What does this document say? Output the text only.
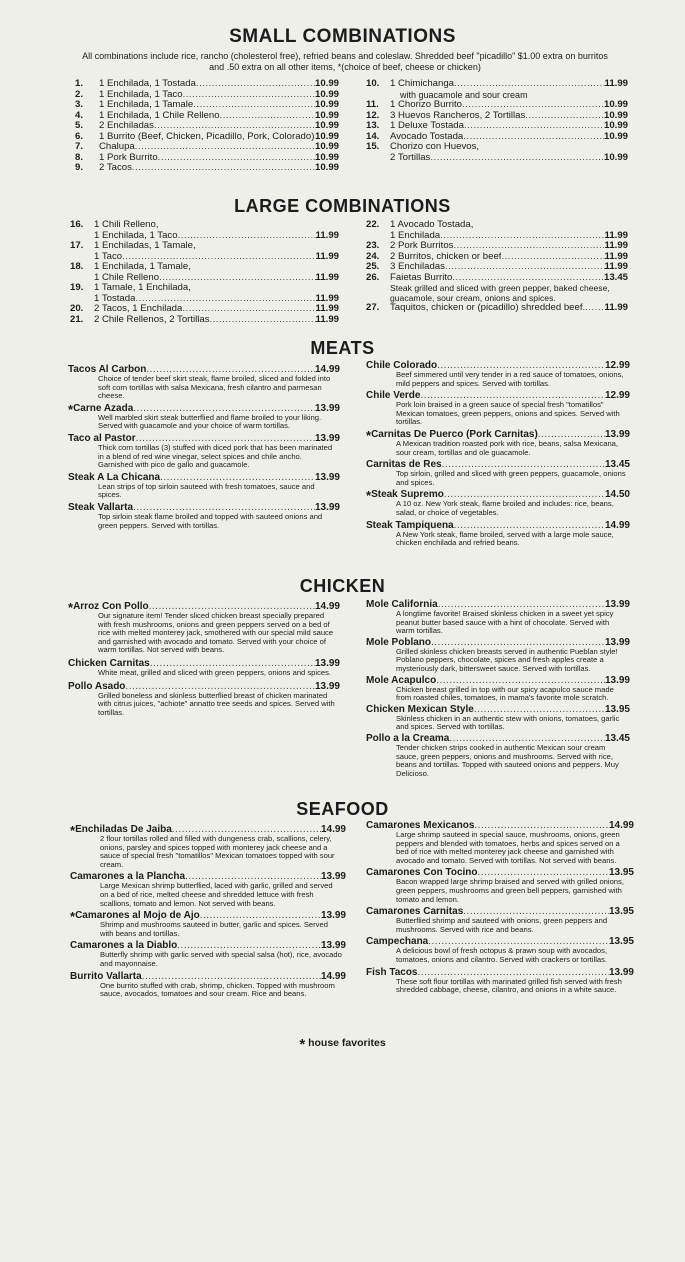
SMALL COMBINATIONS

All combinations include rice, rancho (cholesterol free), refried beans and coleslaw. Shredded beef "picadillo" $1.00 extra on burritos and .50 extra on all other items, *(choice of beef, cheese or chicken)

1.	1 Enchilada, 1 Tostada .....	10.99
2.	1 Enchilada, 1 Taco .....	10.99
3.	1 Enchilada, 1 Tamale .....	10.99
4.	1 Enchilada, 1 Chile Relleno .....	10.99
5.	2 Enchiladas .....	10.99
6.	1 Burrito (Beef, Chicken, Picadillo, Pork, Colorado) ..... 10.99
7.	Chalupa .....	10.99
8.	1 Pork Burrito .....	10.99
9.	2 Tacos .....	10.99
10.	1 Chimichanga .....	11.99
with guacamole and sour cream
11.	1 Chorizo Burrito .....	10.99
12.	3 Huevos Rancheros, 2 Tortillas .....	10.99
13.	1 Deluxe Tostada .....	10.99
14.	Avocado Tostada .....	10.99
15.	Chorizo con Huevos,
2 Tortillas .....	10.99
LARGE COMBINATIONS
16.	1 Chili Relleno,
1 Enchilada, 1 Taco .....	11.99
17.	1 Enchiladas, 1 Tamale,
1 Taco .....	11.99
18.	1 Enchilada, 1 Tamale,
1 Chile Relleno .....	11.99
19.	1 Tamale, 1 Enchilada,
1 Tostada .....	11.99
20.	2 Tacos, 1 Enchilada .....	11.99
21.	2 Chile Rellenos, 2 Tortillas .....	11.99
22.	1 Avocado Tostada,
1 Enchilada .....	11.99
23.	2 Pork Burritos .....	11.99
24.	2 Burritos, chicken or beef .....	11.99
25.	3 Enchiladas .....	11.99
26.	Faietas Burrito .....	13.45
Steak grilled and sliced with green pepper, baked cheese, guacamole, sour cream, onions and spices.
27.	Taquitos, chicken or (picadillo) shredded beef. ..... 11.99
MEATS
Tacos Al Carbon .....	14.99
Choice of tender beef skirt steak, flame broiled, sliced and folded into soft corn tortillas with salsa Mexicana, fresh cilantro and parmesan cheese.
*Carne Azada .....	13.99
Well marbled skirt steak butterflied and flame broiled to your liking. Served with guacamole and your choice of warm tortillas.
Taco al Pastor .....	13.99
Thick corn tortillas (3) stuffed with diced pork that has been marinated in a blend of red wine vinegar, select spices and chile ancho. Garnished with pico de gallo and guacamole.
Steak A La Chicana .....	13.99
Lean strips of top sirloin sauteed with fresh tomatoes, sauce and spices.
Steak Vallarta .....	13.99
Top sirloin steak flame broiled and topped with sauteed onions and green peppers. Served with tortillas.
Chile Colorado .....	12.99
Beef simmered until very tender in a red sauce of tomatoes, onions, mild peppers and spices. Served with tortillas.
Chile Verde .....	12.99
Pork loin braised in a green sauce of special fresh "tomatillos" Mexican tomatoes, green peppers, onions and spices. Served with tortillas.
*Carnitas De Puerco (Pork Carnitas) .....	13.99
A Mexican tradition roasted pork with rice, beans, salsa Mexicana, sour cream, tortillas and ole guacamole.
Carnitas de Res .....	13.45
Top sirloin, grilled and sliced with green peppers, guacamole, onions and spices.
*Steak Supremo .....	14.50
A 10 oz. New York steak, flame broiled and includes: rice, beans, salad, or choice of vegetables.
Steak Tampiquena .....	14.99
A New York steak, flame broiled, served with a large mole sauce, chicken enchilada and refried beans.
CHICKEN
*Arroz Con Pollo .....	14.99
Our signature item! Tender sliced chicken breast specially prepared with fresh mushrooms, onions and green peppers served on a bed of rice with melted monterey jack, smothered with our special mild sauce and garnished with avocado and tomato. Served with your choice of warm tortillas. Not served with beans.
Chicken Carnitas .....	13.99
White meat, grilled and sliced with green peppers, onions and spices.
Pollo Asado .....	13.99
Grilled boneless and skinless butterflied breast of chicken marinated with citrus juices, "achiote" annatto tree seeds and spices. Served with tortillas.
Mole California .....	13.99
A longtime favorite! Braised skinless chicken in a sweet yet spicy peanut butter based sauce with a hint of chocolate. Served with warm tortillas.
Mole Poblano .....	13.99
Grilled skinless chicken breasts served in authentic Pueblan style! Poblano peppers, chocolate, spices and fresh apples create a mysteriously dark, bittersweet sauce. Served with tortillas.
Mole Acapulco .....	13.99
Chicken breast grilled in top with our spicy acapulco sauce made from roasted chiles, tomatoes, in mama's favorite mole scratch.
Chicken Mexican Style .....	13.95
Skinless chicken in an authentic stew with onions, tomatoes, garlic and spices. Served with tortillas.
Pollo a la Creama .....	13.45
Tender chicken strips cooked in authentic Mexican sour cream sauce, green peppers, onions and mushrooms. Served with rice, beans and tortillas. Topped with sauteed onions and peppers. Muy Delicioso.
SEAFOOD
*Enchiladas De Jaiba .....	14.99
2 flour tortillas rolled and filled with dungeness crab, scallions, celery, onions, parsley and spices topped with monterey jack cheese and a sauce of special fresh "tomatillos" Mexican tomatoes topped with sour cream.
Camarones a la Plancha .....	13.99
Large Mexican shrimp butterflied, laced with garlic, grilled and served on a bed of rice, melted cheese and shredded lettuce with fresh scallions, tomato and lemon. Not served with beans.
*Camarones al Mojo de Ajo .....	13.99
Shrimp and mushrooms sauteed in butter, garlic and spices. Served with beans and tortillas.
Camarones a la Diablo .....	13.99
Butterfly shrimp with garlic served with special salsa (hot), rice, avocado and mayonnaise.
Burrito Vallarta .....	14.99
One burrito stuffed with crab, shrimp, chicken. Topped with mushroom sauce, avocados, tomatoes and sour cream. Rice and beans.
Camarones Mexicanos .....	14.99
Large shrimp sauteed in special sauce, mushrooms, onions, green peppers and blended with tomatoes, herbs and spices served on a bed of rice with melted monterey jack cheese and garnished with avocado and tomato. Served with tortillas. Not served with beans.
Camarones Con Tocino .....	13.95
Bacon wrapped large shrimp braised and served with grilled onions, green peppers, mushrooms and green bell peppers, garnished with tomato and lemon.
Camarones Carnitas .....	13.95
Butterflied shrimp and sauteed with onions, green peppers and mushrooms. Served with rice and beans.
Campechana .....	13.95
A delicious bowl of fresh octopus & prawn soup with avocados, tomatoes, onions and cilantro. Served with crackers or tortillas.
Fish Tacos .....	13.99
These soft flour tortillas with marinated grilled fish served with fresh shredded cabbage, cheese, cilantro, and onions in a white sauce.
* house favorites
